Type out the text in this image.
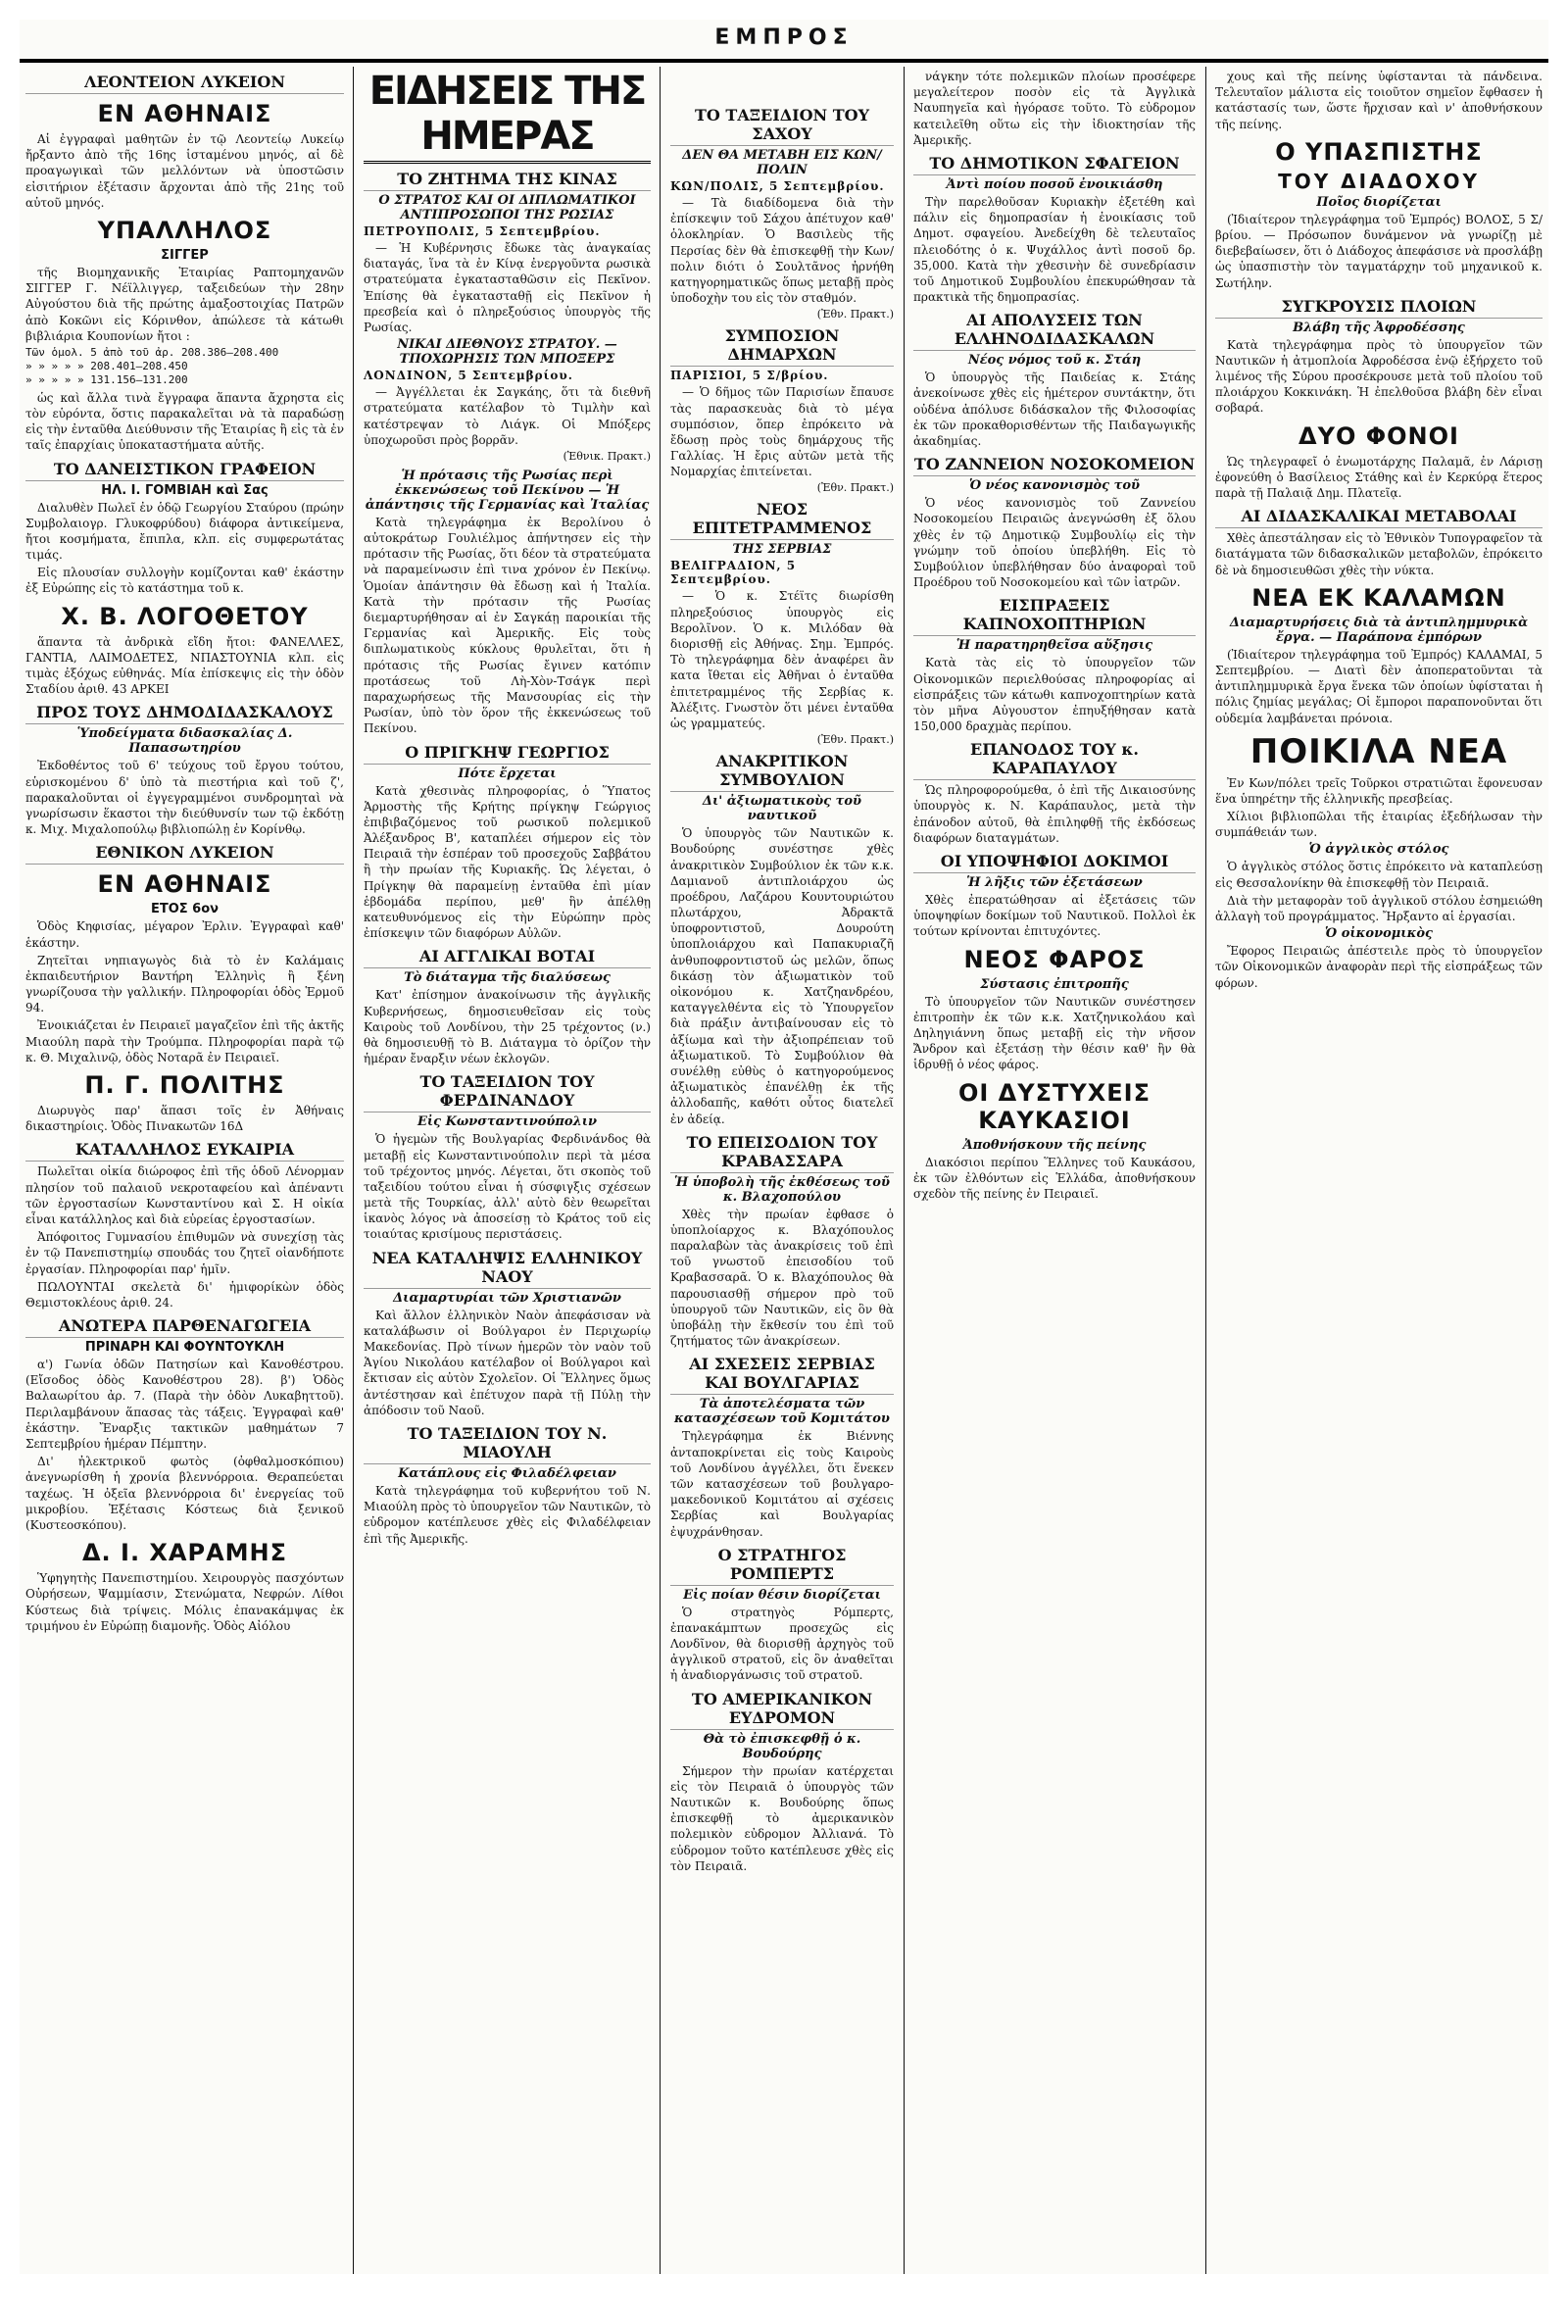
ΕΜΠΡΟΣ
ΛΕΟΝΤΕΙΟΝ ΛΥΚΕΙΟΝ
ΕΝ ΑΘΗΝΑΙΣ

Αἱ ἐγγραφαὶ μαθητῶν ἐν τῷ Λεοντείῳ Λυκείῳ ἤρξαντο ἀπὸ τῆς 16ης ἱσταμένου μηνός, αἱ δὲ προαγωγικαὶ τῶν μελλόντων νὰ ὑποστῶσιν εἰσιτήριον ἐξέτασιν ἄρχονται ἀπὸ τῆς 21ης τοῦ αὐτοῦ μηνός.

ΥΠΑΛΛΗΛΟΣ
ΣΙΓΓΕΡ

τῆς Βιομηχανικῆς Ἑταιρίας Ραπτομηχανῶν ΣΙΓΓΕΡ Γ. Νέϊλλιγγερ, ταξειδεύων τὴν 28ην Αὐγούστου διὰ τῆς πρώτης ἀμαξοστοιχίας Πατρῶν ἀπὸ Κοκῶνι εἰς Κόρινθον, ἀπώλεσε τὰ κάτωθι βιβλιάρια Κουπονίων ἤτοι :

Τῶν ὁμολ. 5 ἀπὸ τοῦ ἀρ. 208.386—208.400
» » » » » 208.401—208.450
» » » » » 131.156—131.200

ὡς καὶ ἄλλα τινὰ ἔγγραφα ἅπαντα ἄχρηστα εἰς τὸν εὑρόντα, ὅστις παρακαλεῖται νὰ τὰ παραδώσῃ εἰς τὴν ἐνταῦθα Διεύθυνσιν τῆς Ἑταιρίας ἢ εἰς τὰ ἐν ταῖς ἐπαρχίαις ὑποκαταστήματα αὐτῆς.

ΤΟ ΔΑΝΕΙΣΤΙΚΟΝ ΓΡΑΦΕΙΟΝ
ΗΛ. Ι. ΓΟΜΒΙΑΗ καὶ Σας

Διαλυθὲν Πωλεῖ ἐν ὁδῷ Γεωργίου Σταύρου (πρώην Συμβολαιογρ. Γλυκοφρύδου) διάφορα ἀντικείμενα, ἤτοι κοσμήματα, ἔπιπλα, κλπ. εἰς συμφερωτάτας τιμάς.

Εἰς πλουσίαν συλλογὴν κομίζονται καθ' ἑκάστην ἐξ Εὐρώπης εἰς τὸ κατάστημα τοῦ κ.

Χ. Β. ΛΟΓΟΘΕΤΟΥ

ἅπαντα τὰ ἀνδρικὰ εἴδη ἤτοι: ΦΑΝΕΛΛΕΣ, ΓΑΝΤΙΑ, ΛΑΙΜΟΔΕΤΕΣ, ΝΠΑΣΤΟΥΝΙΑ κλπ. εἰς τιμὰς ἐξόχως εὐθηνάς. Μία ἐπίσκεψις εἰς τὴν ὁδὸν Σταδίου ἀριθ. 43 ΑΡΚΕΙ

ΠΡΟΣ ΤΟΥΣ ΔΗΜΟΔΙΔΑΣΚΑΛΟΥΣ
Ὑποδείγματα διδασκαλίας Δ. Παπασωτηρίου

Ἐκδοθέντος τοῦ 6' τεύχους τοῦ ἔργου τούτου, εὑρισκομένου δ' ὑπὸ τὰ πιεστήρια καὶ τοῦ ζ', παρακαλοῦνται οἱ ἐγγεγραμμένοι συνδρομηταὶ νὰ γνωρίσωσιν ἕκαστοι τὴν διεύθυνσίν των τῷ ἐκδότῃ κ. Μιχ. Μιχαλοπούλῳ βιβλιοπώλῃ ἐν Κορίνθῳ.

ΕΘΝΙΚΟΝ ΛΥΚΕΙΟΝ
ΕΝ ΑΘΗΝΑΙΣ
ΕΤΟΣ 6ον

Ὁδὸς Κηφισίας, μέγαρον Ἐρλιν. Ἐγγραφαὶ καθ' ἑκάστην.

Ζητεῖται νηπιαγωγὸς διὰ τὸ ἐν Καλάμαις ἐκπαιδευτήριον Βαντήρη Ἑλληνὶς ἢ ξένη γνωρίζουσα τὴν γαλλικήν. Πληροφορίαι ὁδὸς Ἑρμοῦ 94.

Ἐνοικιάζεται ἐν Πειραιεῖ μαγαζεῖον ἐπὶ τῆς ἀκτῆς Μιαούλη παρὰ τὴν Τρούμπα. Πληροφορίαι παρὰ τῷ κ. Θ. Μιχαλινῷ, ὁδὸς Νοταρᾶ ἐν Πειραιεῖ.

Π. Γ. ΠΟΛΙΤΗΣ

Διωρυγὸς παρ' ἅπασι τοῖς ἐν Ἀθήναις δικαστηρίοις. Ὁδὸς Πινακωτῶν 16Δ

ΚΑΤΑΛΛΗΛΟΣ ΕΥΚΑΙΡΙΑ

Πωλεῖται οἰκία διώροφος ἐπὶ τῆς ὁδοῦ Λένορμαν πλησίον τοῦ παλαιοῦ νεκροταφείου καὶ ἀπέναντι τῶν ἐργοστασίων Κωνσταντίνου καὶ Σ. Η οἰκία εἶναι κατάλληλος καὶ διὰ εὐρείας ἐργοστασίων.

Ἀπόφοιτος Γυμνασίου ἐπιθυμῶν νὰ συνεχίσῃ τὰς ἐν τῷ Πανεπιστημίῳ σπουδάς του ζητεῖ οἰανδήποτε ἐργασίαν. Πληροφορίαι παρ' ἡμῖν.

ΠΩΛΟΥΝΤΑΙ σκελετὰ δι' ἡμιφορίκὼν ὁδὸς Θεμιστοκλέους ἀριθ. 24.

ΑΝΩΤΕΡΑ ΠΑΡΘΕΝΑΓΩΓΕΙΑ
ΠΡΙΝΑΡΗ ΚΑΙ ΦΟΥΝΤΟΥΚΛΗ

α') Γωνία ὁδῶν Πατησίων καὶ Κανοθέστρου. (Εἴσοδος ὁδὸς Κανοθέστρου 28). β') Ὁδὸς Βαλαωρίτου ἀρ. 7. (Παρὰ τὴν ὁδὸν Λυκαβηττοῦ). Περιλαμβάνουν ἅπασας τὰς τάξεις. Ἐγγραφαὶ καθ' ἑκάστην. Ἔναρξις τακτικῶν μαθημάτων 7 Σεπτεμβρίου ἡμέραν Πέμπτην.

Δι' ἠλεκτρικοῦ φωτὸς (ὀφθαλμοσκόπιου) ἀνεγνωρίσθη ἡ χρονία βλεννόρροια. Θεραπεύεται ταχέως. Ἡ ὀξεῖα βλεννόρροια δι' ἐνεργείας τοῦ μικροβίου. Ἐξέτασις Κόστεως διὰ ξενικοῦ (Κυστεοσκόπου).

Δ. Ι. ΧΑΡΑΜΗΣ

Ὑφηγητὴς Πανεπιστημίου. Χειρουργὸς πασχόντων Οὐρήσεων, Ψαμμίασιν, Στενώματα, Νεφρών. Λίθοι Κύστεως διὰ τρίψεις. Μόλις ἐπανακάμψας ἐκ τριμήνου ἐν Εὐρώπῃ διαμονῆς. Ὁδὸς Αἰόλου

ΕΙΔΗΣΕΙΣ ΤΗΣ ΗΜΕΡΑΣ
ΤΟ ΖΗΤΗΜΑ ΤΗΣ ΚΙΝΑΣ
Ο ΣΤΡΑΤΟΣ ΚΑΙ ΟΙ ΔΙΠΛΩΜΑΤΙΚΟΙ ΑΝΤΙΠΡΟΣΩΠΟΙ ΤΗΣ ΡΩΣΙΑΣ
ΠΕΤΡΟΥΠΟΛΙΣ, 5 Σεπτεμβρίου.

— Ἡ Κυβέρνησις ἔδωκε τὰς ἀναγκαίας διαταγάς, ἵνα τὰ ἐν Κίνᾳ ἐνεργοῦντα ρωσικὰ στρατεύματα ἐγκατασταθῶσιν εἰς Πεκῖνον. Ἐπίσης θὰ ἐγκατασταθῇ εἰς Πεκῖνον ἡ πρεσβεία καὶ ὁ πληρεξούσιος ὑπουργὸς τῆς Ρωσίας.

ΝΙΚΑΙ ΔΙΕΘΝΟΥΣ ΣΤΡΑΤΟΥ. — ΤΠΟΧΩΡΗΣΙΣ ΤΩΝ ΜΠΟΞΕΡΣ
ΛΟΝΔΙΝΟΝ, 5 Σεπτεμβρίου.

— Ἀγγέλλεται ἐκ Σαγκάης, ὅτι τὰ διεθνῆ στρατεύματα κατέλαβον τὸ Τιμλὴν καὶ κατέστρεψαν τὸ Λιάγκ. Οἱ Μπόξερς ὑποχωροῦσι πρὸς βορρᾶν.

(Ἐθνικ. Πρακτ.)
Ἡ πρότασις τῆς Ρωσίας περὶ ἐκκενώσεως τοῦ Πεκίνου — Ἡ ἀπάντησις τῆς Γερμανίας καὶ Ἰταλίας

Κατὰ τηλεγράφημα ἐκ Βερολίνου ὁ αὐτοκράτωρ Γουλιέλμος ἀπήντησεν εἰς τὴν πρότασιν τῆς Ρωσίας, ὅτι δέον τὰ στρατεύματα νὰ παραμείνωσιν ἐπὶ τινα χρόνον ἐν Πεκίνῳ. Ὁμοίαν ἀπάντησιν θὰ ἔδωσῃ καὶ ἡ Ἰταλία. Κατὰ τὴν πρότασιν τῆς Ρωσίας διεμαρτυρήθησαν αἱ ἐν Σαγκάῃ παροικίαι τῆς Γερμανίας καὶ Ἀμερικῆς. Εἰς τοὺς διπλωματικοὺς κύκλους θρυλεῖται, ὅτι ἡ πρότασις τῆς Ρωσίας ἔγινεν κατόπιν προτάσεως τοῦ Λὴ-Χὸν-Τσάγκ περὶ παραχωρήσεως τῆς Μανσουρίας εἰς τὴν Ρωσίαν, ὑπὸ τὸν ὅρον τῆς ἐκκενώσεως τοῦ Πεκίνου.

Ο ΠΡΙΓΚΗΨ ΓΕΩΡΓΙΟΣ
Πότε ἔρχεται

Κατὰ χθεσινὰς πληροφορίας, ὁ Ὕπατος Ἁρμοστὴς τῆς Κρήτης πρίγκηψ Γεώργιος ἐπιβιβαζόμενος τοῦ ρωσικοῦ πολεμικοῦ Ἀλέξανδρος Β', καταπλέει σήμερον εἰς τὸν Πειραιᾶ τὴν ἑσπέραν τοῦ προσεχοῦς Σαββάτου ἢ τὴν πρωίαν τῆς Κυριακῆς. Ὡς λέγεται, ὁ Πρίγκηψ θὰ παραμείνῃ ἐνταῦθα ἐπὶ μίαν ἑβδομάδα περίπου, μεθ' ἣν ἀπέλθῃ κατευθυνόμενος εἰς τὴν Εὐρώπην πρὸς ἐπίσκεψιν τῶν διαφόρων Αὐλῶν.

ΑΙ ΑΓΓΛΙΚΑΙ ΒΟΤΑΙ
Τὸ διάταγμα τῆς διαλύσεως

Κατ' ἐπίσημον ἀνακοίνωσιν τῆς ἀγγλικῆς Κυβερνήσεως, δημοσιευθεῖσαν εἰς τοὺς Καιροὺς τοῦ Λονδίνου, τὴν 25 τρέχοντος (ν.) θὰ δημοσιευθῇ τὸ Β. Διάταγμα τὸ ὁρίζον τὴν ἡμέραν ἔναρξιν νέων ἐκλογῶν.

ΤΟ ΤΑΞΕΙΔΙΟΝ ΤΟΥ ΦΕΡΔΙΝΑΝΔΟΥ
Εἰς Κωνσταντινούπολιν

Ὁ ἡγεμὼν τῆς Βουλγαρίας Φερδινάνδος θὰ μεταβῇ εἰς Κωνσταντινούπολιν περὶ τὰ μέσα τοῦ τρέχοντος μηνός. Λέγεται, ὅτι σκοπὸς τοῦ ταξειδίου τούτου εἶναι ἡ σύσφιγξις σχέσεων μετὰ τῆς Τουρκίας, ἀλλ' αὐτὸ δὲν θεωρεῖται ἱκανὸς λόγος νὰ ἀποσείσῃ τὸ Κράτος τοῦ εἰς τοιαύτας κρισίμους περιστάσεις.

ΝΕΑ ΚΑΤΑΛΗΨΙΣ ΕΛΛΗΝΙΚΟΥ ΝΑΟΥ
Διαμαρτυρίαι τῶν Χριστιανῶν

Καὶ ἄλλον ἑλληνικὸν Ναὸν ἀπεφάσισαν νὰ καταλάβωσιν οἱ Βούλγαροι ἐν Περιχωρίῳ Μακεδονίας. Πρὸ τίνων ἡμερῶν τὸν ναὸν τοῦ Ἁγίου Νικολάου κατέλαβον οἱ Βούλγαροι καὶ ἔκτισαν εἰς αὐτὸν Σχολεῖον. Οἱ Ἕλληνες ὅμως ἀντέστησαν καὶ ἐπέτυχον παρὰ τῇ Πύλῃ τὴν ἀπόδοσιν τοῦ Ναοῦ.

ΤΟ ΤΑΞΕΙΔΙΟΝ ΤΟΥ Ν. ΜΙΑΟΥΛΗ
Κατάπλους εἰς Φιλαδέλφειαν

Κατὰ τηλεγράφημα τοῦ κυβερνήτου τοῦ Ν. Μιαούλη πρὸς τὸ ὑπουργεῖον τῶν Ναυτικῶν, τὸ εὐδρομον κατέπλευσε χθὲς εἰς Φιλαδέλφειαν ἐπὶ τῆς Ἀμερικῆς.

ΤΟ ΤΑΞΕΙΔΙΟΝ ΤΟΥ ΣΑΧΟΥ
ΔΕΝ ΘΑ ΜΕΤΑΒΗ ΕΙΣ ΚΩΝ/ΠΟΛΙΝ
ΚΩΝ/ΠΟΛΙΣ, 5 Σεπτεμβρίου.

— Τὰ διαδίδομενα διὰ τὴν ἐπίσκεψιν τοῦ Σάχου ἀπέτυχον καθ' ὁλοκληρίαν. Ὁ Βασιλεὺς τῆς Περσίας δὲν θὰ ἐπισκεφθῇ τὴν Κων/πολιν διότι ὁ Σουλτᾶνος ἠρνήθη κατηγορηματικῶς ὅπως μεταβῇ πρὸς ὑποδοχὴν του εἰς τὸν σταθμόν.

(Ἐθν. Πρακτ.)
ΣΥΜΠΟΣΙΟΝ ΔΗΜΑΡΧΩΝ
ΠΑΡΙΣΙΟΙ, 5 Σ/βρίου.

— Ὁ δῆμος τῶν Παρισίων ἔπαυσε τὰς παρασκευὰς διὰ τὸ μέγα συμπόσιον, ὅπερ ἐπρόκειτο νὰ ἔδωσῃ πρὸς τοὺς δημάρχους τῆς Γαλλίας. Ἡ ἔρις αὐτῶν μετὰ τῆς Νομαρχίας ἐπιτείνεται.

(Ἐθν. Πρακτ.)
ΝΕΟΣ ΕΠΙΤΕΤΡΑΜΜΕΝΟΣ
ΤΗΣ ΣΕΡΒΙΑΣ
ΒΕΛΙΓΡΑΔΙΟΝ, 5 Σεπτεμβρίου.

— Ὁ κ. Στέϊτς διωρίσθη πληρεξούσιος ὑπουργὸς εἰς Βερολῖνον. Ὁ κ. Μιλόδαν θὰ διορισθῇ εἰς Ἀθήνας. Σημ. Ἐμπρός. Τὸ τηλεγράφημα δὲν ἀναφέρει ἂν κατα ἴθεται εἰς Ἀθῆναι ὁ ἐνταῦθα ἐπιτετραμμένος τῆς Σερβίας κ. Ἀλέξιτς. Γνωστὸν ὅτι μένει ἐνταῦθα ὡς γραμματεύς.

(Ἐθν. Πρακτ.)
ΑΝΑΚΡΙΤΙΚΟΝ ΣΥΜΒΟΥΛΙΟΝ
Δι' ἀξιωματικοὺς τοῦ ναυτικοῦ

Ὁ ὑπουργὸς τῶν Ναυτικῶν κ. Βουδούρης συνέστησε χθὲς ἀνακριτικὸν Συμβούλιον ἐκ τῶν κ.κ. Δαμιανοῦ ἀντιπλοιάρχου ὡς προέδρου, Λαζάρου Κουντουριώτου πλωτάρχου, Ἀδρακτᾶ ὑποφροντιστοῦ, Δουρούτη ὑποπλοιάρχου καὶ Παπακυριαζῆ ἀνθυποφροντιστοῦ ὡς μελῶν, ὅπως δικάσῃ τὸν ἀξιωματικὸν τοῦ οἰκονόμου κ. Χατζηανδρέου, καταγγελθέντα εἰς τὸ Ὑπουργεῖον διὰ πράξιν ἀντιβαίνουσαν εἰς τὸ ἀξίωμα καὶ τὴν ἀξιοπρέπειαν τοῦ ἀξιωματικοῦ. Τὸ Συμβούλιον θὰ συνέλθῃ εὐθὺς ὁ κατηγορούμενος ἀξιωματικὸς ἐπανέλθῃ ἐκ τῆς ἀλλοδαπῆς, καθότι οὗτος διατελεῖ ἐν ἀδείᾳ.

ΤΟ ΕΠΕΙΣΟΔΙΟΝ ΤΟΥ ΚΡΑΒΑΣΣΑΡΑ
Ἡ ὑποβολὴ τῆς ἐκθέσεως τοῦ κ. Βλαχοπούλου

Χθὲς τὴν πρωίαν ἐφθασε ὁ ὑποπλοίαρχος κ. Βλαχόπουλος παραλαβὼν τὰς ἀνακρίσεις τοῦ ἐπὶ τοῦ γνωστοῦ ἐπεισοδίου τοῦ Κραβασσαρᾶ. Ὁ κ. Βλαχόπουλος θὰ παρουσιασθῇ σήμερον πρὸ τοῦ ὑπουργοῦ τῶν Ναυτικῶν, εἰς ὃν θὰ ὑποβάλῃ τὴν ἔκθεσίν του ἐπὶ τοῦ ζητήματος τῶν ἀνακρίσεων.

ΑΙ ΣΧΕΣΕΙΣ ΣΕΡΒΙΑΣ ΚΑΙ ΒΟΥΛΓΑΡΙΑΣ
Τὰ ἀποτελέσματα τῶν κατασχέσεων τοῦ Κομιτάτου

Τηλεγράφημα ἐκ Βιέννης ἀνταποκρίνεται εἰς τοὺς Καιροὺς τοῦ Λονδίνου ἀγγέλλει, ὅτι ἕνεκεν τῶν κατασχέσεων τοῦ βουλγαρο-μακεδονικοῦ Κομιτάτου αἱ σχέσεις Σερβίας καὶ Βουλγαρίας ἐψυχράνθησαν.

Ο ΣΤΡΑΤΗΓΟΣ ΡΟΜΠΕΡΤΣ
Εἰς ποίαν θέσιν διορίζεται

Ὁ στρατηγὸς Ρόμπερτς, ἐπανακάμπτων προσεχῶς εἰς Λονδῖνον, θὰ διορισθῇ ἀρχηγὸς τοῦ ἀγγλικοῦ στρατοῦ, εἰς ὃν ἀναθεῖται ἡ ἀναδιοργάνωσις τοῦ στρατοῦ.

ΤΟ ΑΜΕΡΙΚΑΝΙΚΟΝ ΕΥΔΡΟΜΟΝ
Θὰ τὸ ἐπισκεφθῇ ὁ κ. Βουδούρης

Σήμερον τὴν πρωίαν κατέρχεται εἰς τὸν Πειραιᾶ ὁ ὑπουργὸς τῶν Ναυτικῶν κ. Βουδούρης ὅπως ἐπισκεφθῇ τὸ ἀμερικανικὸν πολεμικὸν εὐδρομον Ἀλλιανά. Τὸ εὐδρομον τοῦτο κατέπλευσε χθὲς εἰς τὸν Πειραιᾶ.

νάγκην τότε πολεμικῶν πλοίων προσέφερε μεγαλείτερον ποσὸν εἰς τὰ Ἀγγλικὰ Ναυπηγεῖα καὶ ἠγόρασε τοῦτο. Τὸ εὐδρομον κατειλεῖθη οὕτω εἰς τὴν ἰδιοκτησίαν τῆς Ἀμερικῆς.

ΤΟ ΔΗΜΟΤΙΚΟΝ ΣΦΑΓΕΙΟΝ
Ἀντὶ ποίου ποσοῦ ἐνοικιάσθη

Τὴν παρελθοῦσαν Κυριακὴν ἐξετέθη καὶ πάλιν εἰς δημοπρασίαν ἡ ἐνοικίασις τοῦ Δημοτ. σφαγείου. Ἀνεδείχθη δὲ τελευταῖος πλειοδότης ὁ κ. Ψυχάλλος ἀντὶ ποσοῦ δρ. 35,000. Κατὰ τὴν χθεσινὴν δὲ συνεδρίασιν τοῦ Δημοτικοῦ Συμβουλίου ἐπεκυρώθησαν τὰ πρακτικὰ τῆς δημοπρασίας.

ΑΙ ΑΠΟΛΥΣΕΙΣ ΤΩΝ ΕΛΛΗΝΟΔΙΔΑΣΚΑΛΩΝ
Νέος νόμος τοῦ κ. Στάη

Ὁ ὑπουργὸς τῆς Παιδείας κ. Στάης ἀνεκοίνωσε χθὲς εἰς ἡμέτερον συντάκτην, ὅτι οὐδένα ἀπόλυσε διδάσκαλον τῆς Φιλοσοφίας ἐκ τῶν προκαθορισθέντων τῆς Παιδαγωγικῆς ἀκαδημίας.

ΤΟ ΖΑΝΝΕΙΟΝ ΝΟΣΟΚΟΜΕΙΟΝ
Ὁ νέος κανονισμὸς τοῦ

Ὁ νέος κανονισμὸς τοῦ Ζαννείου Νοσοκομείου Πειραιῶς ἀνεγνώσθη ἐξ ὅλου χθὲς ἐν τῷ Δημοτικῷ Συμβουλίῳ εἰς τὴν γνώμην τοῦ ὁποίου ὑπεβλήθη. Εἰς τὸ Συμβούλιον ὑπεβλήθησαν δύο ἀναφοραὶ τοῦ Προέδρου τοῦ Νοσοκομείου καὶ τῶν ἰατρῶν.

ΕΙΣΠΡΑΞΕΙΣ ΚΑΠΝΟΧΟΠΤΗΡΙΩΝ
Ἡ παρατηρηθεῖσα αὔξησις

Κατὰ τὰς εἰς τὸ ὑπουργεῖον τῶν Οἰκονομικῶν περιελθούσας πληροφορίας αἱ εἰσπράξεις τῶν κάτωθι καπνοχοπτηρίων κατὰ τὸν μῆνα Αὐγουστον ἐπηυξήθησαν κατὰ 150,000 δραχμὰς περίπου.

ΕΠΑΝΟΔΟΣ ΤΟΥ κ. ΚΑΡΑΠΑΥΛΟΥ

Ὡς πληροφορούμεθα, ὁ ἐπὶ τῆς Δικαιοσύνης ὑπουργὸς κ. Ν. Καράπαυλος, μετὰ τὴν ἐπάνοδον αὐτοῦ, θὰ ἐπιληφθῇ τῆς ἐκδόσεως διαφόρων διαταγμάτων.

ΟΙ ΥΠΟΨΗΦΙΟΙ ΔΟΚΙΜΟΙ
Ἡ λῆξις τῶν ἐξετάσεων

Χθὲς ἐπερατώθησαν αἱ ἐξετάσεις τῶν ὑποψηφίων δοκίμων τοῦ Ναυτικοῦ. Πολλοὶ ἐκ τούτων κρίνονται ἐπιτυχόντες.

ΝΕΟΣ ΦΑΡΟΣ
Σύστασις ἐπιτροπῆς

Τὸ ὑπουργεῖον τῶν Ναυτικῶν συνέστησεν ἐπιτροπὴν ἐκ τῶν κ.κ. Χατζηνικολάου καὶ Δηληγιάννη ὅπως μεταβῇ εἰς τὴν νῆσον Ἄνδρον καὶ ἐξετάσῃ τὴν θέσιν καθ' ἣν θὰ ἱδρυθῇ ὁ νέος φάρος.

ΟΙ ΔΥΣΤΥΧΕΙΣ ΚΑΥΚΑΣΙΟΙ
Ἀποθνήσκουν τῆς πείνης

Διακόσιοι περίπου Ἕλληνες τοῦ Καυκάσου, ἐκ τῶν ἐλθόντων εἰς Ἑλλάδα, ἀποθνήσκουν σχεδὸν τῆς πείνης ἐν Πειραιεῖ.

χους καὶ τῆς πείνης ὑφίστανται τὰ πάνδεινα. Τελευταῖον μάλιστα εἰς τοιοῦτον σημεῖον ἔφθασεν ἡ κατάστασίς των, ὥστε ἤρχισαν καὶ ν' ἀποθνήσκουν τῆς πείνης.

Ο ΥΠΑΣΠΙΣΤΗΣ
ΤΟΥ ΔΙΑΔΟΧΟΥ
Ποῖος διορίζεται

(Ἰδιαίτερον τηλεγράφημα τοῦ Ἐμπρός) ΒΟΛΟΣ, 5 Σ/βρίου. — Πρόσωπον δυνάμενον νὰ γνωρίζῃ μὲ διεβεβαίωσεν, ὅτι ὁ Διάδοχος ἀπεφάσισε νὰ προσλάβῃ ὡς ὑπασπιστὴν τὸν ταγματάρχην τοῦ μηχανικοῦ κ. Σωτήλην.

ΣΥΓΚΡΟΥΣΙΣ ΠΛΟΙΩΝ
Βλάβη τῆς Ἀφροδέσσης

Κατὰ τηλεγράφημα πρὸς τὸ ὑπουργεῖον τῶν Ναυτικῶν ἡ ἀτμοπλοία Ἀφροδέσσα ἐνῷ ἐξήρχετο τοῦ λιμένος τῆς Σύρου προσέκρουσε μετὰ τοῦ πλοίου τοῦ πλοιάρχου Κοκκινάκη. Ἡ ἐπελθοῦσα βλάβη δὲν εἶναι σοβαρά.

ΔΥΟ ΦΟΝΟΙ

Ὡς τηλεγραφεῖ ὁ ἐνωμοτάρχης Παλαμᾶ, ἐν Λάρισῃ ἐφονεύθη ὁ Βασίλειος Στάθης καὶ ἐν Κερκύρᾳ ἕτερος παρὰ τῇ Παλαιᾷ Δημ. Πλατεῖᾳ.

ΑΙ ΔΙΔΑΣΚΑΛΙΚΑΙ ΜΕΤΑΒΟΛΑΙ

Χθὲς ἀπεστάλησαν εἰς τὸ Ἐθνικὸν Τυπογραφεῖον τὰ διατάγματα τῶν διδασκαλικῶν μεταβολῶν, ἐπρόκειτο δὲ νὰ δημοσιευθῶσι χθὲς τὴν νύκτα.

ΝΕΑ ΕΚ ΚΑΛΑΜΩΝ
Διαμαρτυρήσεις διὰ τὰ ἀντιπλημμυρικὰ ἔργα. — Παράπονα ἐμπόρων

(Ἰδιαίτερον τηλεγράφημα τοῦ Ἐμπρός) ΚΑΛΑΜΑΙ, 5 Σεπτεμβρίου. — Διατὶ δὲν ἀποπερατοῦνται τὰ ἀντιπλημμυρικὰ ἔργα ἕνεκα τῶν ὁποίων ὑφίσταται ἡ πόλις ζημίας μεγάλας; Οἱ ἔμποροι παραπονοῦνται ὅτι οὐδεμία λαμβάνεται πρόνοια.

ΠΟΙΚΙΛΑ ΝΕΑ

Ἐν Κων/πόλει τρεῖς Τοῦρκοι στρατιῶται ἔφονευσαν ἕνα ὑπηρέτην τῆς ἑλληνικῆς πρεσβείας.

Χίλιοι βιβλιοπῶλαι τῆς ἑταιρίας ἐξεδήλωσαν τὴν συμπάθειάν των.

Ὁ ἀγγλικὸς στόλος

Ὁ ἀγγλικὸς στόλος ὅστις ἐπρόκειτο νὰ καταπλεύσῃ εἰς Θεσσαλονίκην θὰ ἐπισκεφθῇ τὸν Πειραιᾶ.

Διὰ τὴν μεταφορὰν τοῦ ἀγγλικοῦ στόλου ἐσημειώθη ἀλλαγὴ τοῦ προγράμματος. Ἤρξαντο αἱ ἐργασίαι.

Ὁ οἰκονομικὸς

Ἔφορος Πειραιῶς ἀπέστειλε πρὸς τὸ ὑπουργεῖον τῶν Οἰκονομικῶν ἀναφορὰν περὶ τῆς εἰσπράξεως τῶν φόρων.
